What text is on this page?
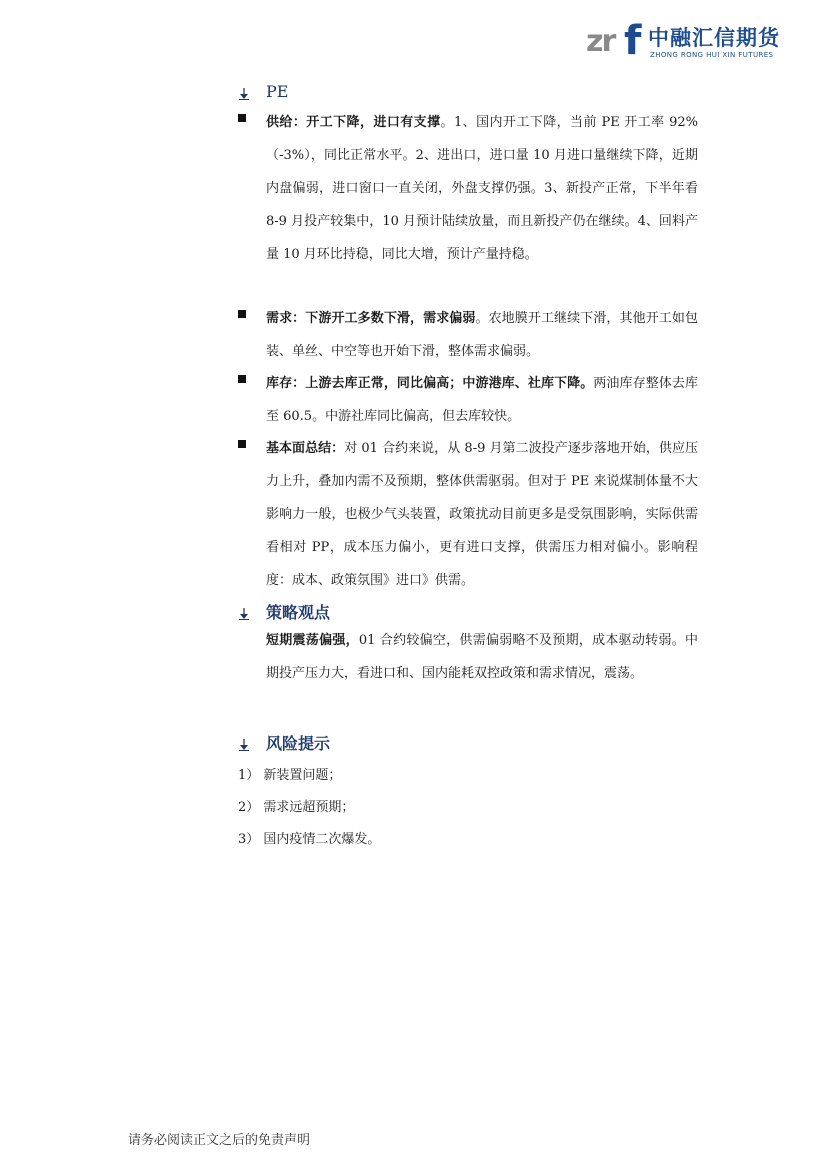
zr f 中融汇信期货
ZHONG RONG HUI XIN FUTURES
PE
供给：开工下降，进口有支撑。1、国内开工下降，当前 PE 开工率 92%（-3%），同比正常水平。2、进出口，进口量 10 月进口量继续下降，近期内盘偏弱，进口窗口一直关闭，外盘支撑仍强。3、新投产正常，下半年看 8-9 月投产较集中，10 月预计陆续放量，而且新投产仍在继续。4、回料产量 10 月环比持稳，同比大增，预计产量持稳。
需求：下游开工多数下滑，需求偏弱。农地膜开工继续下滑，其他开工如包装、单丝、中空等也开始下滑，整体需求偏弱。
库存：上游去库正常，同比偏高；中游港库、社库下降。两油库存整体去库至 60.5。中游社库同比偏高，但去库较快。
基本面总结：对 01 合约来说，从 8-9 月第二波投产逐步落地开始，供应压力上升，叠加内需不及预期，整体供需驱弱。但对于 PE 来说煤制体量不大影响力一般，也极少气头装置，政策扰动目前更多是受氛围影响，实际供需看相对 PP，成本压力偏小，更有进口支撑，供需压力相对偏小。影响程度：成本、政策氛围》进口》供需。
策略观点
短期震荡偏强，01 合约较偏空，供需偏弱略不及预期，成本驱动转弱。中期投产压力大，看进口和、国内能耗双控政策和需求情况，震荡。
风险提示
1） 新装置问题；
2） 需求远超预期；
3） 国内疫情二次爆发。
请务必阅读正文之后的免责声明
